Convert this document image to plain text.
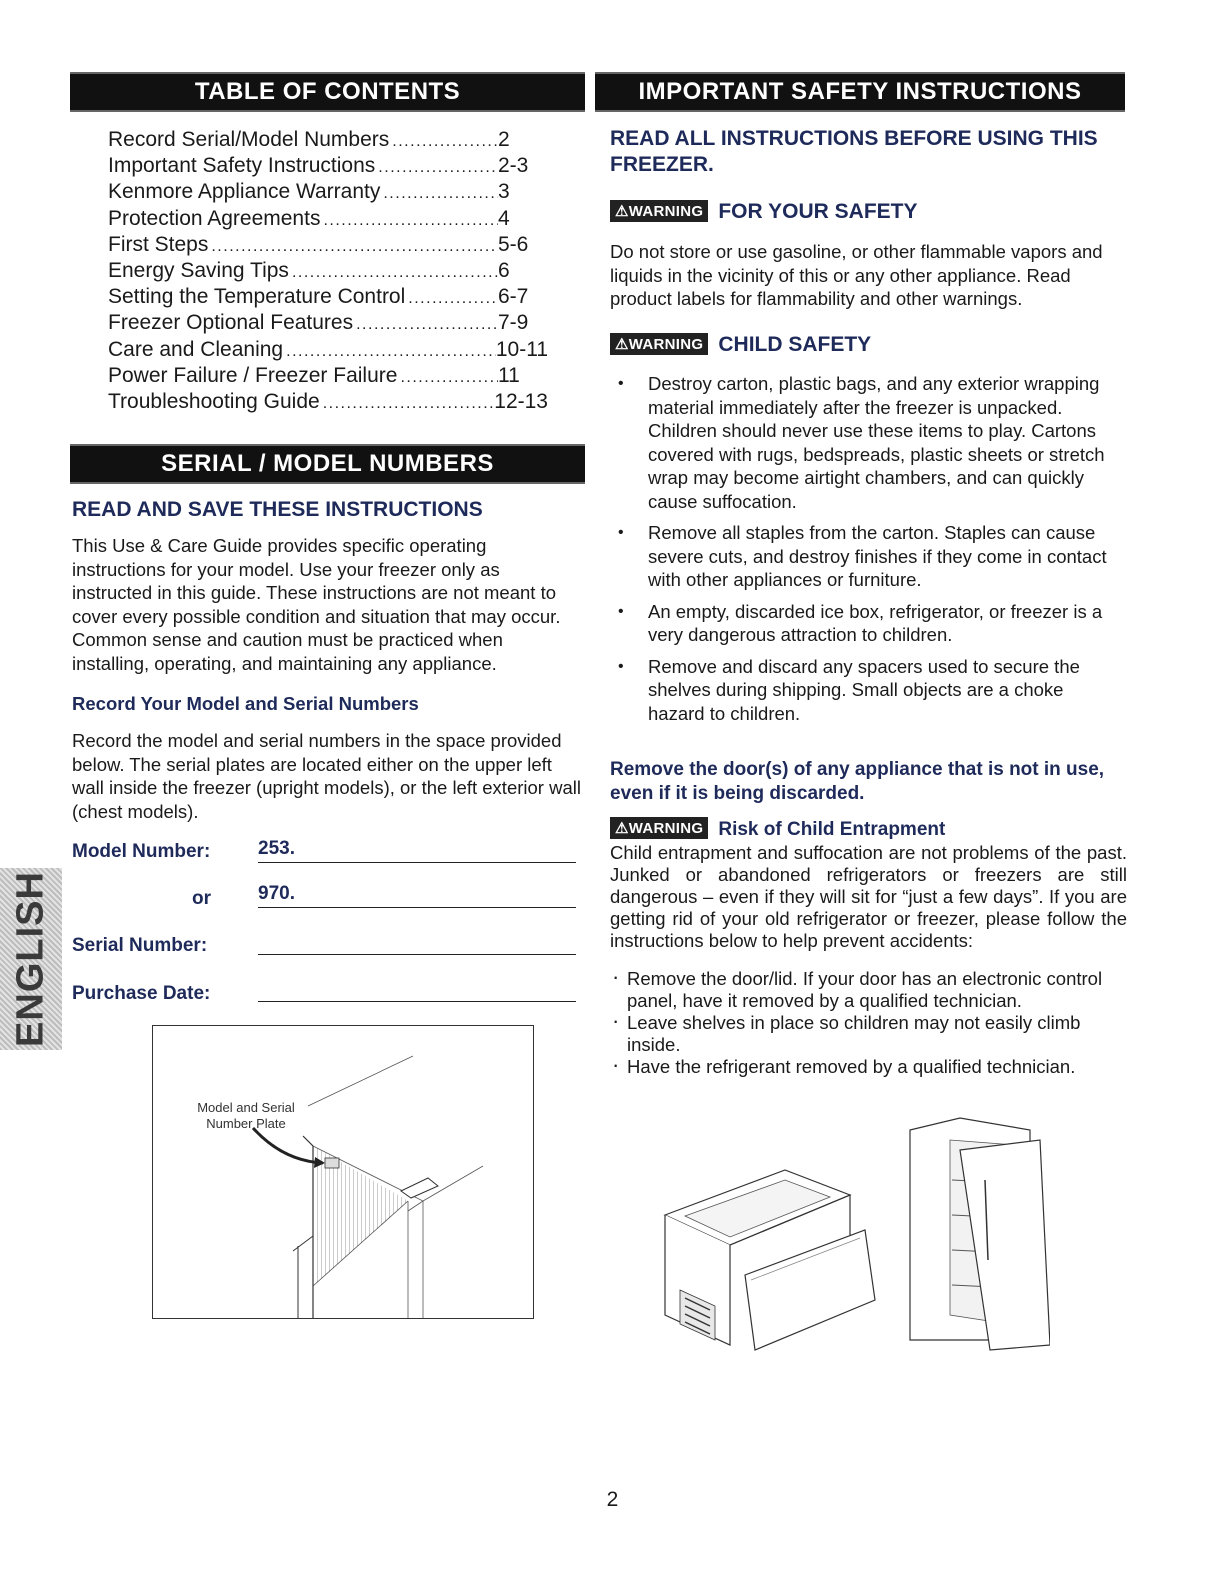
TABLE OF CONTENTS
Record Serial/Model Numbers .....	2
Important Safety Instructions .....	2-3
Kenmore Appliance Warranty .....	3
Protection Agreements .....	4
First Steps .....	5-6
Energy Saving Tips .....	6
Setting the Temperature Control .....	6-7
Freezer Optional Features .....	7-9
Care and Cleaning .....	10-11
Power Failure / Freezer Failure .....	11
Troubleshooting Guide .....	12-13
SERIAL / MODEL NUMBERS
READ AND SAVE THESE INSTRUCTIONS

This Use & Care Guide provides specific operating instructions for your model. Use your freezer only as instructed in this guide. These instructions are not meant to cover every possible condition and situation that may occur. Common sense and caution must be practiced when installing, operating, and maintaining any appliance.

Record Your Model and Serial Numbers

Record the model and serial numbers in the space provided below. The serial plates are located either on the upper left wall inside the freezer (upright models), or the left exterior wall (chest models).

Model Number:	253.
or 970.
Serial Number:
Purchase Date:
ENGLISH
Model and Serial Number Plate
IMPORTANT SAFETY INSTRUCTIONS
READ ALL INSTRUCTIONS BEFORE USING THIS FREEZER.
⚠WARNING FOR YOUR SAFETY

Do not store or use gasoline, or other flammable vapors and liquids in the vicinity of this or any other appliance. Read product labels for flammability and other warnings.

⚠WARNING CHILD SAFETY
• Destroy carton, plastic bags, and any exterior wrapping material immediately after the freezer is unpacked. Children should never use these items to play. Cartons covered with rugs, bedspreads, plastic sheets or stretch wrap may become airtight chambers, and can quickly cause suffocation.
• Remove all staples from the carton. Staples can cause severe cuts, and destroy finishes if they come in contact with other appliances or furniture.
• An empty, discarded ice box, refrigerator, or freezer is a very dangerous attraction to children.
• Remove and discard any spacers used to secure the shelves during shipping. Small objects are a choke hazard to children.
Remove the door(s) of any appliance that is not in use, even if it is being discarded.
⚠WARNING Risk of Child Entrapment

Child entrapment and suffocation are not problems of the past. Junked or abandoned refrigerators or freezers are still dangerous – even if they will sit for “just a few days”. If you are getting rid of your old refrigerator or freezer, please follow the instructions below to help prevent accidents:

· Remove the door/lid. If your door has an electronic control panel, have it removed by a qualified technician.
· Leave shelves in place so children may not easily climb inside.
· Have the refrigerant removed by a qualified technician.
2
